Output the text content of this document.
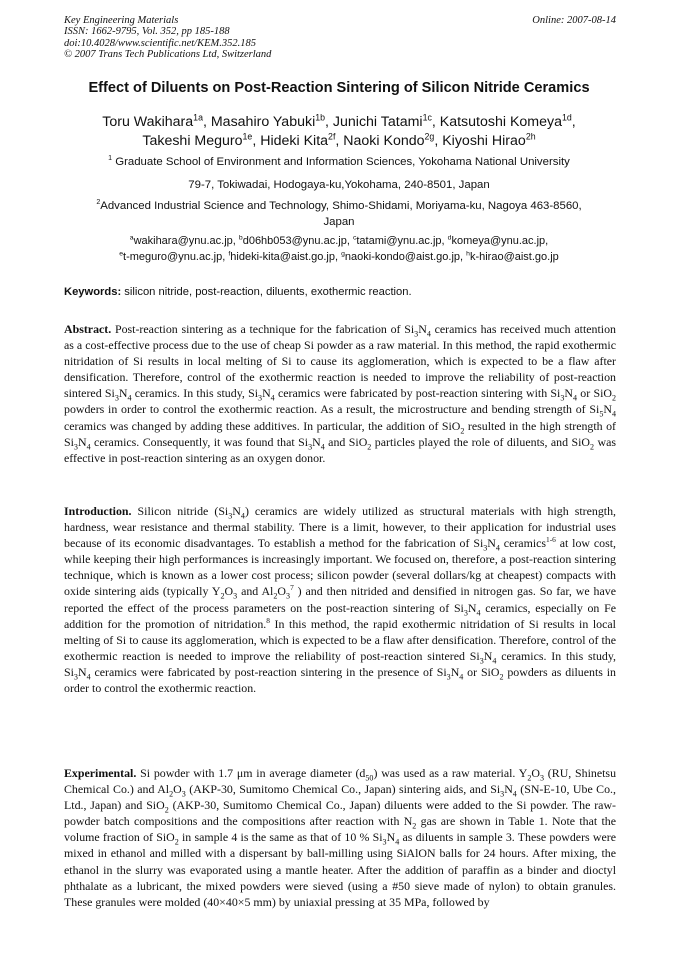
Key Engineering Materials
ISSN: 1662-9795, Vol. 352, pp 185-188
doi:10.4028/www.scientific.net/KEM.352.185
© 2007 Trans Tech Publications Ltd, Switzerland
Online: 2007-08-14
Effect of Diluents on Post-Reaction Sintering of Silicon Nitride Ceramics
Toru Wakihara$^{1a}$, Masahiro Yabuki$^{1b}$, Junichi Tatami$^{1c}$, Katsutoshi Komeya$^{1d}$,
Takeshi Meguro$^{1e}$, Hideki Kita$^{2f}$, Naoki Kondo$^{2g}$, Kiyoshi Hirao$^{2h}$
$^1$ Graduate School of Environment and Information Sciences, Yokohama National University
79-7, Tokiwadai, Hodogaya-ku,Yokohama, 240-8501, Japan
$^2$Advanced Industrial Science and Technology, Shimo-Shidami, Moriyama-ku, Nagoya 463-8560,
Japan
$^a$wakihara@ynu.ac.jp, $^b$d06hb053@ynu.ac.jp, $^c$tatami@ynu.ac.jp, $^d$komeya@ynu.ac.jp,
$^e$t-meguro@ynu.ac.jp, $^f$hideki-kita@aist.go.jp, $^g$naoki-kondo@aist.go.jp, $^h$k-hirao@aist.go.jp
Keywords: silicon nitride, post-reaction, diluents, exothermic reaction.
Abstract. Post-reaction sintering as a technique for the fabrication of $Si_3N_4$ ceramics has received much attention as a cost-effective process due to the use of cheap Si powder as a raw material. In this method, the rapid exothermic nitridation of Si results in local melting of Si to cause its agglomeration, which is expected to be a flaw after densification. Therefore, control of the exothermic reaction is needed to improve the reliability of post-reaction sintered $Si_3N_4$ ceramics. In this study, $Si_3N_4$ ceramics were fabricated by post-reaction sintering with $Si_3N_4$ or SiO$_2$ powders in order to control the exothermic reaction. As a result, the microstructure and bending strength of $Si_5N_4$ ceramics was changed by adding these additives. In particular, the addition of SiO$_2$ resulted in the high strength of $Si_3N_4$ ceramics. Consequently, it was found that $Si_3N_4$ and SiO$_2$ particles played the role of diluents, and SiO$_2$ was effective in post-reaction sintering as an oxygen donor.
Introduction. Silicon nitride $(Si_3N_4)$ ceramics are widely utilized as structural materials with high strength, hardness, wear resistance and thermal stability. There is a limit, however, to their application for industrial uses because of its economic disadvantages. To establish a method for the fabrication of $Si_3N_4$ ceramics$^{1-6}$ at low cost, while keeping their high performances is increasingly important. We focused on, therefore, a post-reaction sintering technique, which is known as a lower cost process; silicon powder (several dollars/kg at cheapest) compacts with oxide sintering aids (typically $Y_2O_3$ and $Al_2O_3^7$ ) and then nitrided and densified in nitrogen gas. So far, we have reported the effect of the process parameters on the post-reaction sintering of $Si_3N_4$ ceramics, especially on Fe addition for the promotion of nitridation.$^8$ In this method, the rapid exothermic nitridation of Si results in local melting of Si to cause its agglomeration, which is expected to be a flaw after densification. Therefore, control of the exothermic reaction is needed to improve the reliability of post-reaction sintered $Si_3N_4$ ceramics. In this study, $Si_3N_4$ ceramics were fabricated by post-reaction sintering in the presence of $Si_3N_4$ or SiO$_2$ powders as diluents in order to control the exothermic reaction.
Experimental. Si powder with 1.7 μm in average diameter $(d_{50})$ was used as a raw material. $Y_2O_3$ (RU, Shinetsu Chemical Co.) and $Al_2O_3$ (AKP-30, Sumitomo Chemical Co., Japan) sintering aids, and $Si_3N_4$ (SN-E-10, Ube Co., Ltd., Japan) and SiO$_2$ (AKP-30, Sumitomo Chemical Co., Japan) diluents were added to the Si powder. The raw-powder batch compositions and the compositions after reaction with $N_2$ gas are shown in Table 1. Note that the volume fraction of SiO$_2$ in sample 4 is the same as that of 10 % $Si_3N_4$ as diluents in sample 3. These powders were mixed in ethanol and milled with a dispersant by ball-milling using SiAlON balls for 24 hours. After mixing, the ethanol in the slurry was evaporated using a mantle heater. After the addition of paraffin as a binder and dioctyl phthalate as a lubricant, the mixed powders were sieved (using a #50 sieve made of nylon) to obtain granules. These granules were molded (40×40×5 mm) by uniaxial pressing at 35 MPa, followed by
